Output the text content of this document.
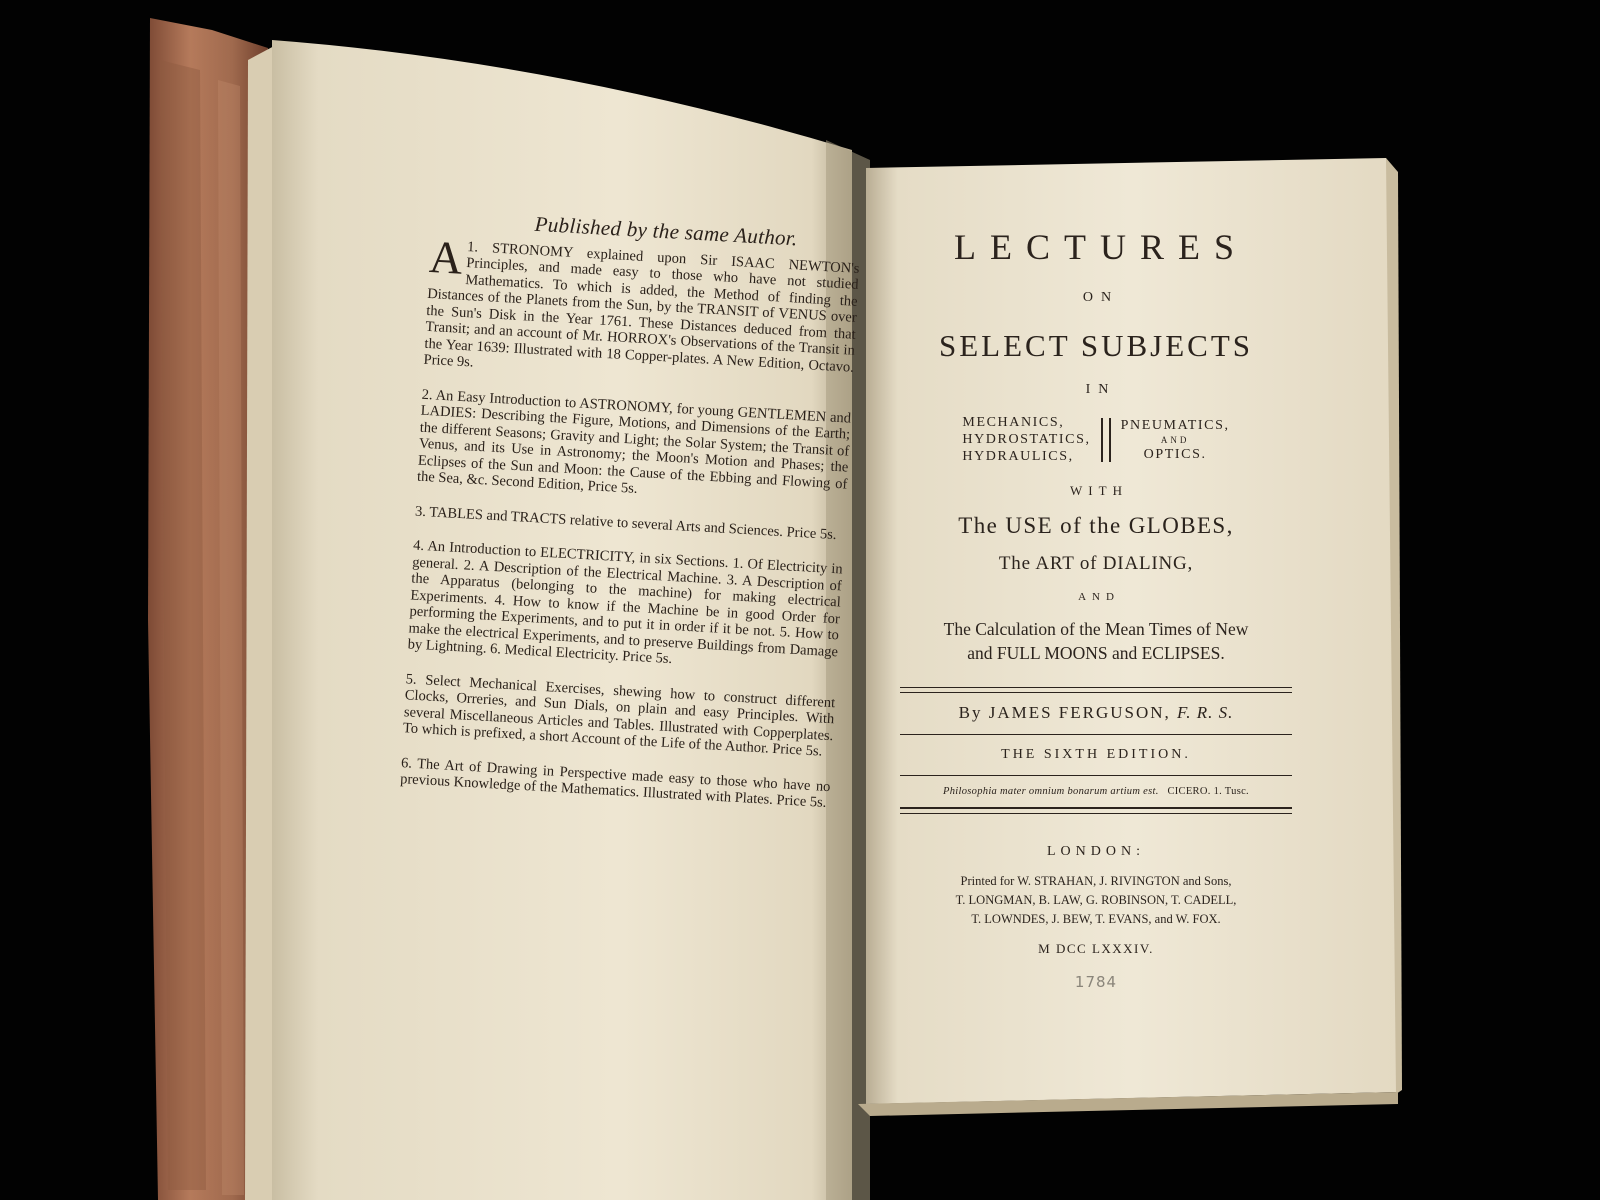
Published by the same Author.
A 1. STRONOMY explained upon Sir ISAAC NEWTON's Principles, and made easy to those who have not studied Mathematics. To which is added, the Method of finding the Distances of the Planets from the Sun, by the TRANSIT of VENUS over the Sun's Disk in the Year 1761. These Distances deduced from that Transit; and an account of Mr. HORROX's Observations of the Transit in the Year 1639: Illustrated with 18 Copper-plates. A New Edition, Octavo. Price 9s.
2. An Easy Introduction to ASTRONOMY, for young GENTLEMEN and LADIES: Describing the Figure, Motions, and Dimensions of the Earth; the different Seasons; Gravity and Light; the Solar System; the Transit of Venus, and its Use in Astronomy; the Moon's Motion and Phases; the Eclipses of the Sun and Moon: the Cause of the Ebbing and Flowing of the Sea, &c. Second Edition, Price 5s.
3. TABLES and TRACTS relative to several Arts and Sciences. Price 5s.
4. An Introduction to ELECTRICITY, in six Sections. 1. Of Electricity in general. 2. A Description of the Electrical Machine. 3. A Description of the Apparatus (belonging to the machine) for making electrical Experiments. 4. How to know if the Machine be in good Order for performing the Experiments, and to put it in order if it be not. 5. How to make the electrical Experiments, and to preserve Buildings from Damage by Lightning. 6. Medical Electricity. Price 5s.
5. Select Mechanical Exercises, shewing how to construct different Clocks, Orreries, and Sun Dials, on plain and easy Principles. With several Miscellaneous Articles and Tables. Illustrated with Copperplates. To which is prefixed, a short Account of the Life of the Author. Price 5s.
6. The Art of Drawing in Perspective made easy to those who have no previous Knowledge of the Mathematics. Illustrated with Plates. Price 5s.
LECTURES
ON
SELECT SUBJECTS
IN
MECHANICS,
HYDROSTATICS,
HYDRAULICS,
PNEUMATICS,
AND
OPTICS.
WITH
The USE of the GLOBES,
The ART of DIALING,
AND
The Calculation of the Mean Times of New
and FULL MOONS and ECLIPSES.
By JAMES FERGUSON, F. R. S.
THE SIXTH EDITION.
Philosophia mater omnium bonarum artium est. CICERO. 1. Tusc.
LONDON:
Printed for W. STRAHAN, J. RIVINGTON and Sons,
T. LONGMAN, B. LAW, G. ROBINSON, T. CADELL,
T. LOWNDES, J. BEW, T. EVANS, and W. FOX.
M DCC LXXXIV.
1784
